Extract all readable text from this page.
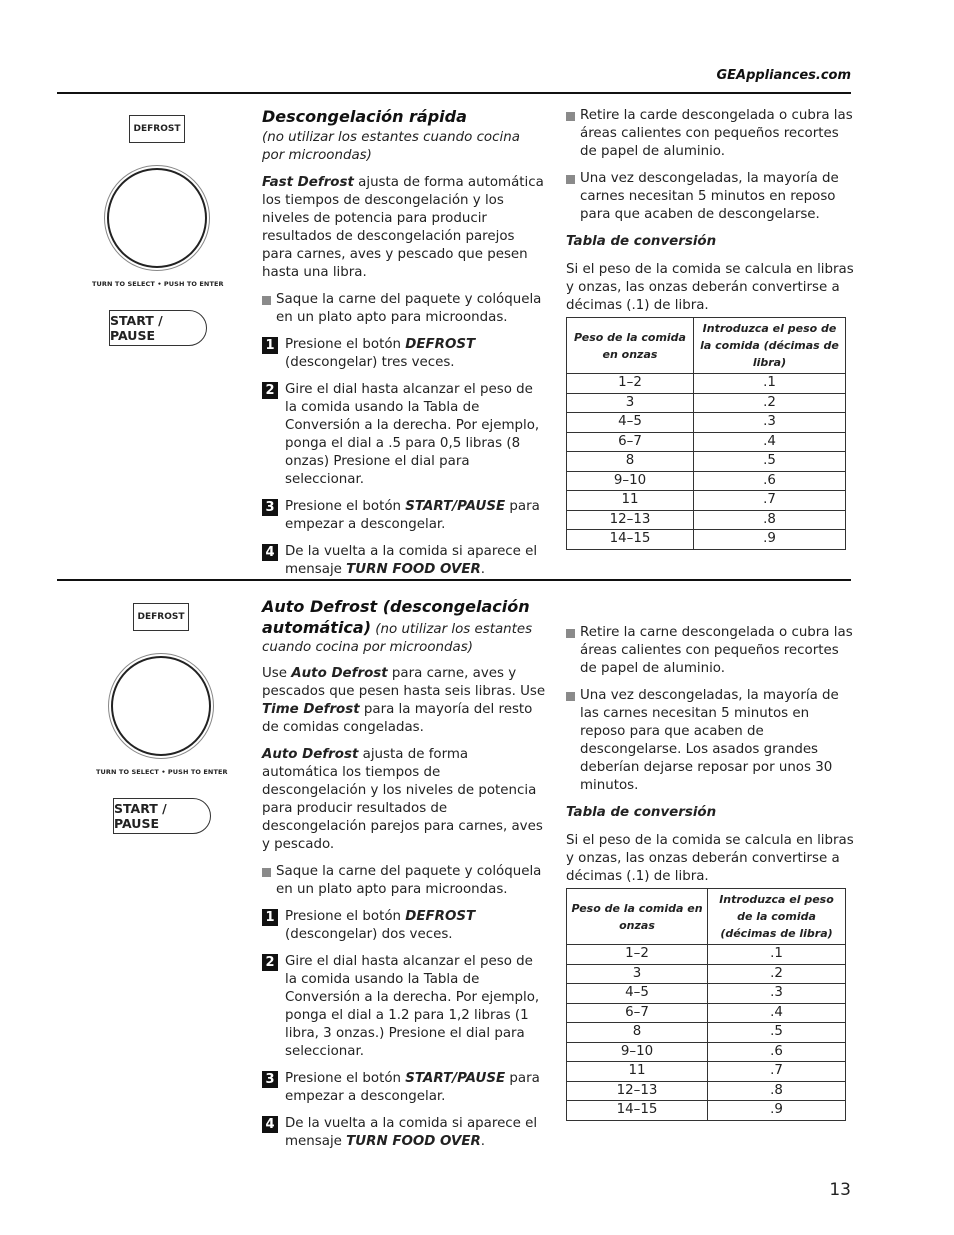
GEAppliances.com
DEFROST
TURN TO SELECT • PUSH TO ENTER
START / PAUSE
Descongelación rápida
(no utilizar los estantes cuando cocina por microondas)
Fast Defrost ajusta de forma automática los tiempos de descongelación y los niveles de potencia para producir resultados de descongelación parejos para carnes, aves y pescado que pesen hasta una libra.
Saque la carne del paquete y colóquela en un plato apto para microondas.
1 Presione el botón DEFROST (descongelar) tres veces.
2 Gire el dial hasta alcanzar el peso de la comida usando la Tabla de Conversión a la derecha. Por ejemplo, ponga el dial a .5 para 0,5 libras (8 onzas) Presione el dial para seleccionar.
3 Presione el botón START/PAUSE para empezar a descongelar.
4 De la vuelta a la comida si aparece el mensaje TURN FOOD OVER.
Retire la carde descongelada o cubra las áreas calientes con pequeños recortes de papel de aluminio.
Una vez descongeladas, la mayoría de carnes necesitan 5 minutos en reposo para que acaben de descongelarse.
Tabla de conversión
Si el peso de la comida se calcula en libras y onzas, las onzas deberán convertirse a décimas (.1) de libra.
Peso de la comida en onzas	Introduzca el peso de la comida (décimas de libra)
1–2	.1
3	.2
4–5	.3
6–7	.4
8	.5
9–10	.6
11	.7
12–13	.8
14–15	.9
DEFROST
TURN TO SELECT • PUSH TO ENTER
START / PAUSE
Auto Defrost (descongelación automática) (no utilizar los estantes cuando cocina por microondas)
Use Auto Defrost para carne, aves y pescados que pesen hasta seis libras. Use Time Defrost para la mayoría del resto de comidas congeladas.
Auto Defrost ajusta de forma automática los tiempos de descongelación y los niveles de potencia para producir resultados de descongelación parejos para carnes, aves y pescado.
Saque la carne del paquete y colóquela en un plato apto para microondas.
1 Presione el botón DEFROST (descongelar) dos veces.
2 Gire el dial hasta alcanzar el peso de la comida usando la Tabla de Conversión a la derecha. Por ejemplo, ponga el dial a 1.2 para 1,2 libras (1 libra, 3 onzas.) Presione el dial para seleccionar.
3 Presione el botón START/PAUSE para empezar a descongelar.
4 De la vuelta a la comida si aparece el mensaje TURN FOOD OVER.
Retire la carne descongelada o cubra las áreas calientes con pequeños recortes de papel de aluminio.
Una vez descongeladas, la mayoría de las carnes necesitan 5 minutos en reposo para que acaben de descongelarse. Los asados grandes deberían dejarse reposar por unos 30 minutos.
Tabla de conversión
Si el peso de la comida se calcula en libras y onzas, las onzas deberán convertirse a décimas (.1) de libra.
Peso de la comida en onzas	Introduzca el peso de la comida (décimas de libra)
1–2	.1
3	.2
4–5	.3
6–7	.4
8	.5
9–10	.6
11	.7
12–13	.8
14–15	.9
13
